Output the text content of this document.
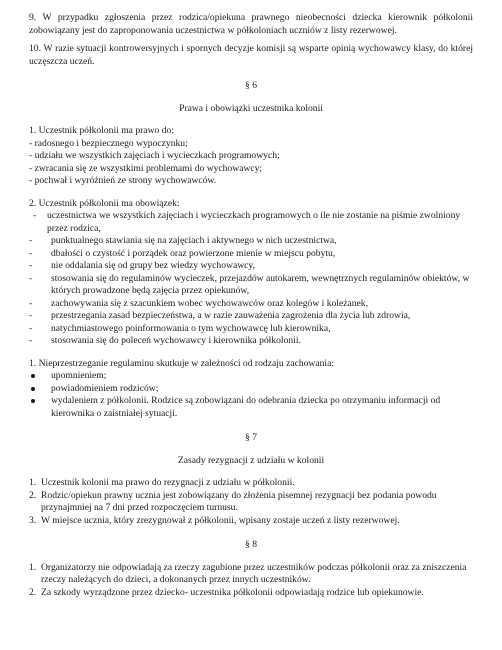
9. W przypadku zgłoszenia przez rodzica/opiekuna prawnego nieobecności dziecka kierownik półkolonii zobowiązany jest do zaproponowania uczestnictwa w półkoloniach uczniów z listy rezerwowej.

10. W razie sytuacji kontrowersyjnych i spornych decyzje komisji są wsparte opinią wychowawcy klasy, do której uczęszcza uczeń.

§ 6

Prawa i obowiązki uczestnika kolonii

1. Uczestnik półkolonii ma prawo do:

- radosnego i bezpiecznego wypoczynku;
- udziału we wszystkich zajęciach i wycieczkach programowych;
- zwracania się ze wszystkimi problemami do wychowawcy;
- pochwał i wyróżnień ze strony wychowawców.

2. Uczestnik półkolonii ma obowiązek:

- uczestnictwa we wszystkich zajęciach i wycieczkach programowych o ile nie zostanie na piśmie zwolniony przez rodzica,
- punktualnego stawiania się na zajęciach i aktywnego w nich uczestnictwa,
- dbałości o czystość i porządek oraz powierzone mienie w miejscu pobytu,
- nie oddalania się od grupy bez wiedzy wychowawcy,
- stosowania się do regulaminów wycieczek, przejazdów autokarem, wewnętrznych regulaminów obiektów, w których prowadzone będą zajęcia przez opiekunów,
- zachowywania się z szacunkiem wobec wychowawców oraz kolegów i koleżanek,
- przestrzegania zasad bezpieczeństwa, a w razie zauważenia zagrożenia dla życia lub zdrowia,
- natychmiastowego poinformowania o tym wychowawcę lub kierownika,
- stosowania się do poleceń wychowawcy i kierownika półkolonii.

1. Nieprzestrzeganie regulaminu skutkuje w zależności od rodzaju zachowania:

upomnieniem;
powiadomieniem rodziców;
wydaleniem z półkolonii. Rodzice są zobowiązani do odebrania dziecka po otrzymaniu informacji od kierownika o zaistniałej sytuacji.

§ 7

Zasady rezygnacji z udziału w kolonii

1. Uczestnik kolonii ma prawo do rezygnacji z udziału w półkolonii.
2. Rodzic/opiekun prawny ucznia jest zobowiązany do złożenia pisemnej rezygnacji bez podania powodu przynajmniej na 7 dni przed rozpoczęciem turnusu.
3. W miejsce ucznia, który zrezygnował z półkolonii, wpisany zostaje uczeń z listy rezerwowej.

§ 8

1. Organizatorzy nie odpowiadają za rzeczy zagubione przez uczestników podczas półkolonii oraz za zniszczenia rzeczy należących do dzieci, a dokonanych przez innych uczestników.
2. Za szkody wyrządzone przez dziecko- uczestnika półkolonii odpowiadają rodzice lub opiekunowie.
